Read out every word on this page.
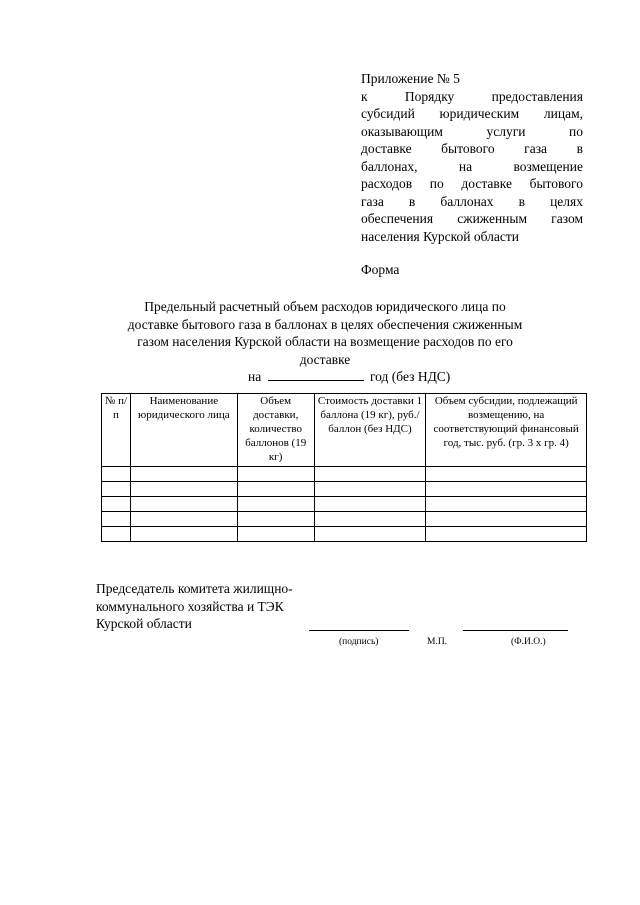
Приложение № 5
к Порядку предоставления
субсидий юридическим лицам,
оказывающим услуги по
доставке бытового газа в
баллонах, на возмещение
расходов по доставке бытового
газа в баллонах в целях
обеспечения сжиженным газом
населения Курской области
Форма
Предельный расчетный объем расходов юридического лица по
доставке бытового газа в баллонах в целях обеспечения сжиженным
газом населения Курской области на возмещение расходов по его
доставке
на	год (без НДС)
№ п/п	Наименование юридического лица	Объем доставки, количество баллонов (19 кг)	Стоимость доставки 1 баллона (19 кг), руб./баллон (без НДС)	Объем субсидии, подлежащий возмещению, на соответствующий финансовый год, тыс. руб. (гр. 3 х гр. 4)

Председатель комитета жилищно-
коммунального хозяйства и ТЭК
Курской области
(подпись)	М.П.	(Ф.И.О.)
